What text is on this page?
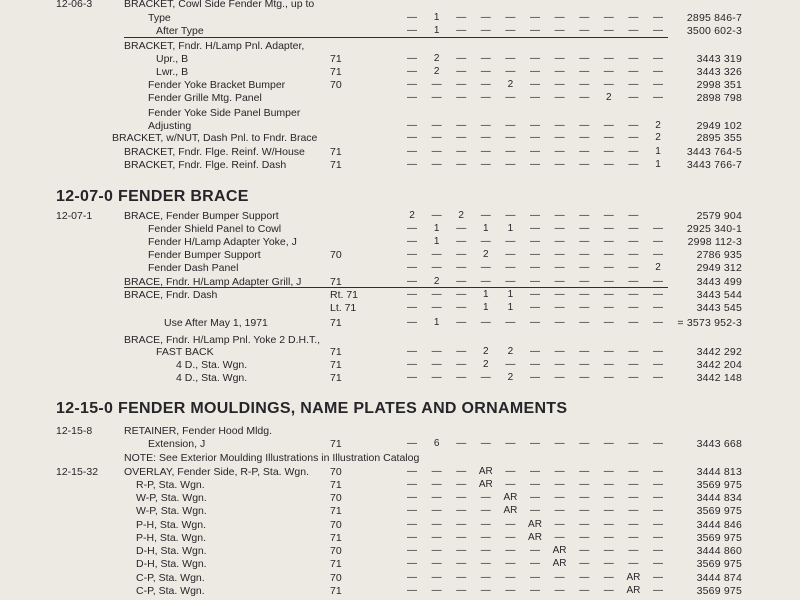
12-07-0 FENDER BRACE
12-15-0 FENDER MOULDINGS, NAME PLATES AND ORNAMENTS
12-06-3	BRACKET, Cowl Side Fender Mtg., up to
Type	—	1	—	—	—	—	—	—	—	—	—	2895 846-7
After Type	—	1	—	—	—	—	—	—	—	—	—	3500 602-3
BRACKET, Fndr. H/Lamp Pnl. Adapter,
Upr., B	71	—	2	—	—	—	—	—	—	—	—	—	3443 319
Lwr., B	71	—	2	—	—	—	—	—	—	—	—	—	3443 326
Fender Yoke Bracket Bumper	70	—	—	—	—	2	—	—	—	—	—	—	2998 351
Fender Grille Mtg. Panel	—	—	—	—	—	—	—	—	2	—	—	2898 798
Fender Yoke Side Panel Bumper
Adjusting	—	—	—	—	—	—	—	—	—	—	2	2949 102
BRACKET, w/NUT, Dash Pnl. to Fndr. Brace	—	—	—	—	—	—	—	—	—	—	2	2895 355
BRACKET, Fndr. Flge. Reinf. W/House 71	—	—	—	—	—	—	—	—	—	—	1	3443 764-5
BRACKET, Fndr. Flge. Reinf. Dash	71	—	—	—	—	—	—	—	—	—	—	1	3443 766-7
12-07-1	BRACE, Fender Bumper Support	2	—	2	—	—	—	—	—	—	—	2579 904
Fender Shield Panel to Cowl	—	1	—	1	1	—	—	—	—	—	—	2925 340-1
Fender H/Lamp Adapter Yoke, J	—	1	—	—	—	—	—	—	—	—	—	2998 112-3
Fender Bumper Support	70	—	—	—	2	—	—	—	—	—	—	—	2786 935
Fender Dash Panel	—	—	—	—	—	—	—	—	—	—	2	2949 312
BRACE, Fndr. H/Lamp Adapter Grill, J	71	—	2	—	—	—	—	—	—	—	—	—	3443 499
BRACE, Fndr. Dash	Rt. 71	—	—	—	1	1	—	—	—	—	—	—	3443 544
Lt. 71	—	—	—	1	1	—	—	—	—	—	—	3443 545
Use After May 1, 1971	71	—	1	—	—	—	—	—	—	—	—	—	= 3573 952-3
BRACE, Fndr. H/Lamp Pnl. Yoke 2 D.H.T.,
FAST BACK	71	—	—	—	2	2	—	—	—	—	—	—	3442 292
4 D., Sta. Wgn.	71	—	—	—	2	—	—	—	—	—	—	—	3442 204
4 D., Sta. Wgn.	71	—	—	—	—	2	—	—	—	—	—	—	3442 148
12-15-8	RETAINER, Fender Hood Mldg.
Extension, J	71	—	6	—	—	—	—	—	—	—	—	—	3443 668
NOTE: See Exterior Moulding Illustrations in Illustration Catalog
12-15-32 OVERLAY, Fender Side, R-P, Sta. Wgn. 70	—	—	—	AR	—	—	—	—	—	—	—	3444 813
R-P, Sta. Wgn.	71	—	—	—	AR	—	—	—	—	—	—	—	3569 975
W-P, Sta. Wgn.	70	—	—	—	—	AR	—	—	—	—	—	—	3444 834
W-P, Sta. Wgn.	71	—	—	—	—	AR	—	—	—	—	—	—	3569 975
P-H, Sta. Wgn.	70	—	—	—	—	—	AR	—	—	—	—	—	3444 846
P-H, Sta. Wgn.	71	—	—	—	—	—	AR	—	—	—	—	—	3569 975
D-H, Sta. Wgn.	70	—	—	—	—	—	—	AR	—	—	—	—	3444 860
D-H, Sta. Wgn.	71	—	—	—	—	—	—	AR	—	—	—	—	3569 975
C-P, Sta. Wgn.	70	—	—	—	—	—	—	—	—	—	AR	—	3444 874
C-P, Sta. Wgn.	71	—	—	—	—	—	—	—	—	—	AR	—	3569 975
